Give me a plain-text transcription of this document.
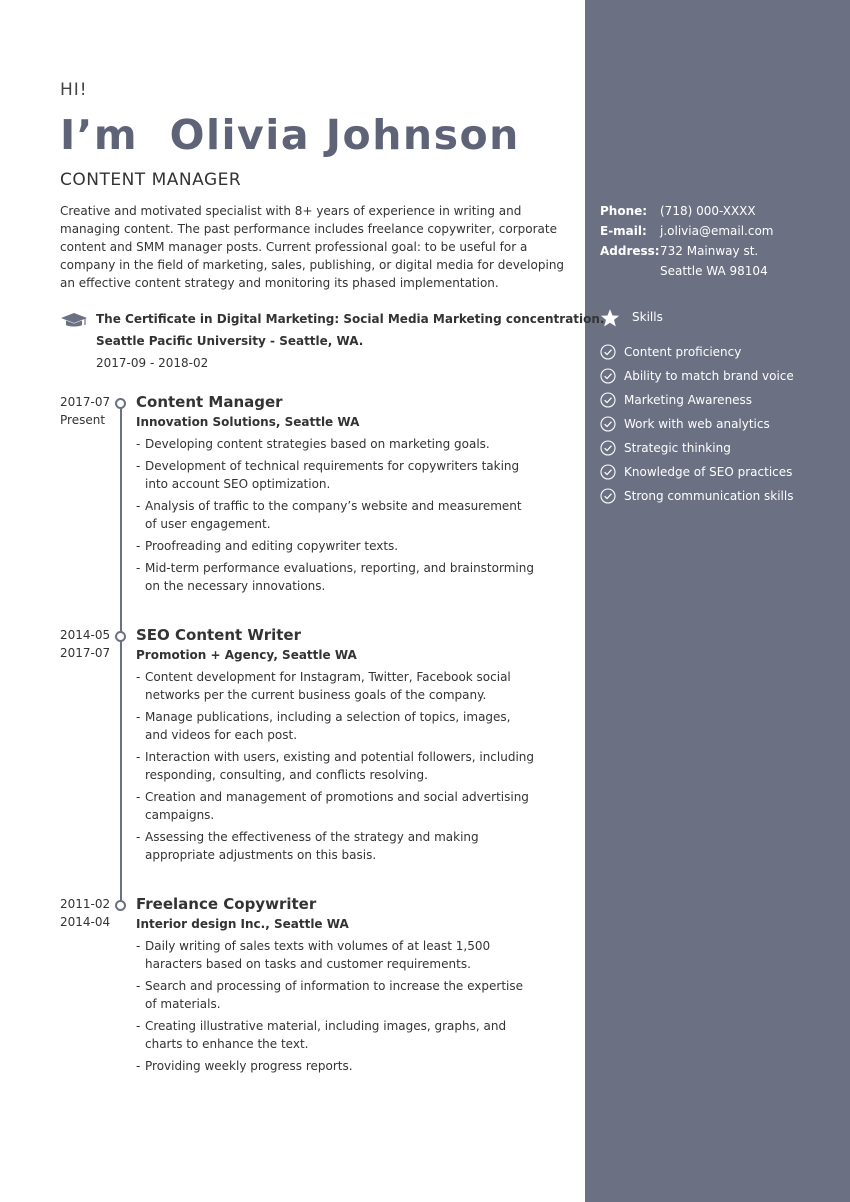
HI!
I’m  Olivia Johnson
CONTENT MANAGER
Creative and motivated specialist with 8+ years of experience in writing and managing content. The past performance includes freelance copywriter, corporate content and SMM manager posts. Current professional goal: to be useful for a company in the field of marketing, sales, publishing, or digital media for developing an effective content strategy and monitoring its phased implementation.
The Certificate in Digital Marketing: Social Media Marketing concentration.
Seattle Pacific University - Seattle, WA.
2017-09 - 2018-02
2017-07
Present
Content Manager
Innovation Solutions, Seattle WA
- Developing content strategies based on marketing goals.
- Development of technical requirements for copywriters taking into account SEO optimization.
- Analysis of traffic to the company’s website and measurement of user engagement.
- Proofreading and editing copywriter texts.
- Mid-term performance evaluations, reporting, and brainstorming on the necessary innovations.
2014-05
2017-07
SEO Content Writer
Promotion + Agency, Seattle WA
- Content development for Instagram, Twitter, Facebook social networks per the current business goals of the company.
- Manage publications, including a selection of topics, images, and videos for each post.
- Interaction with users, existing and potential followers, including responding, consulting, and conflicts resolving.
- Creation and management of promotions and social advertising campaigns.
- Assessing the effectiveness of the strategy and making appropriate adjustments on this basis.
2011-02
2014-04
Freelance Copywriter
Interior design Inc., Seattle WA
- Daily writing of sales texts with volumes of at least 1,500 haracters based on tasks and customer requirements.
- Search and processing of information to increase the expertise of materials.
- Creating illustrative material, including images, graphs, and charts to enhance the text.
- Providing weekly progress reports.
Phone: (718) 000-XXXX
E-mail: j.olivia@email.com
Address: 732 Mainway st.
Seattle WA 98104
Skills
Content proficiency
Ability to match brand voice
Marketing Awareness
Work with web analytics
Strategic thinking
Knowledge of SEO practices
Strong communication skills
